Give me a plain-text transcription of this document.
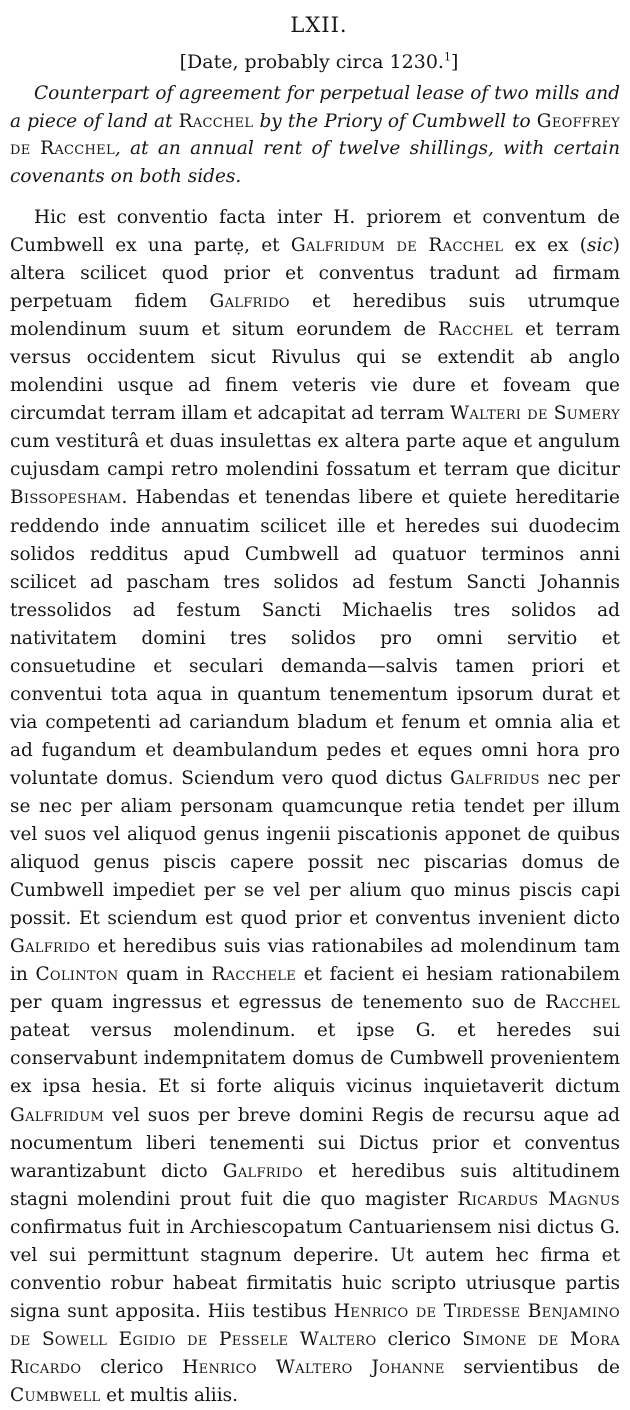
LXII.
[Date, probably circa 1230.$^1$]

Counterpart of agreement for perpetual lease of two mills and a piece of land at Racchel by the Priory of Cumbwell to Geoffrey de Racchel, at an annual rent of twelve shillings, with certain covenants on both sides.

Hic est conventio facta inter H. priorem et conventum de Cumbwell ex una partẹ, et Galfridum de Racchel ex ex (sic) altera scilicet quod prior et conventus tradunt ad firmam perpetuam fidem Galfrido et heredibus suis utrumque molendinum suum et situm eorundem de Racchel et terram versus occidentem sicut Rivulus qui se extendit ab anglo molendini usque ad finem veteris vie dure et foveam que circumdat terram illam et adcapitat ad terram Walteri de Sumery cum vestiturâ et duas insulettas ex altera parte aque et angulum cujusdam campi retro molendini fossatum et terram que dicitur Bissopesham. Habendas et tenendas libere et quiete hereditarie reddendo inde annuatim scilicet ille et heredes sui duodecim solidos redditus apud Cumbwell ad quatuor terminos anni scilicet ad pascham tres solidos ad festum Sancti Johannis tressolidos ad festum Sancti Michaelis tres solidos ad nativitatem domini tres solidos pro omni servitio et consuetudine et seculari demanda—salvis tamen priori et conventui tota aqua in quantum tenementum ipsorum durat et via competenti ad cariandum bladum et fenum et omnia alia et ad fugandum et deambulandum pedes et eques omni hora pro voluntate domus. Sciendum vero quod dictus Galfridus nec per se nec per aliam personam quamcunque retia tendet per illum vel suos vel aliquod genus ingenii piscationis apponet de quibus aliquod genus piscis capere possit nec piscarias domus de Cumbwell impediet per se vel per alium quo minus piscis capi possit. Et sciendum est quod prior et conventus invenient dicto Galfrido et heredibus suis vias rationabiles ad molendinum tam in Colinton quam in Racchele et facient ei hesiam rationabilem per quam ingressus et egressus de tenemento suo de Racchel pateat versus molendinum. et ipse G. et heredes sui conservabunt indempnitatem domus de Cumbwell provenientem ex ipsa hesia. Et si forte aliquis vicinus inquietaverit dictum Galfridum vel suos per breve domini Regis de recursu aque ad nocumentum liberi tenementi sui Dictus prior et conventus warantizabunt dicto Galfrido et heredibus suis altitudinem stagni molendini prout fuit die quo magister Ricardus Magnus confirmatus fuit in Archiescopatum Cantuariensem nisi dictus G. vel sui permittunt stagnum deperire. Ut autem hec firma et conventio robur habeat firmitatis huic scripto utriusque partis signa sunt apposita. Hiis testibus Henrico de Tirdesse Benjamino de Sowell Egidio de Pessele Waltero clerico Simone de Mora Ricardo clerico Henrico Waltero Johanne servientibus de Cumbwell et multis aliis.
